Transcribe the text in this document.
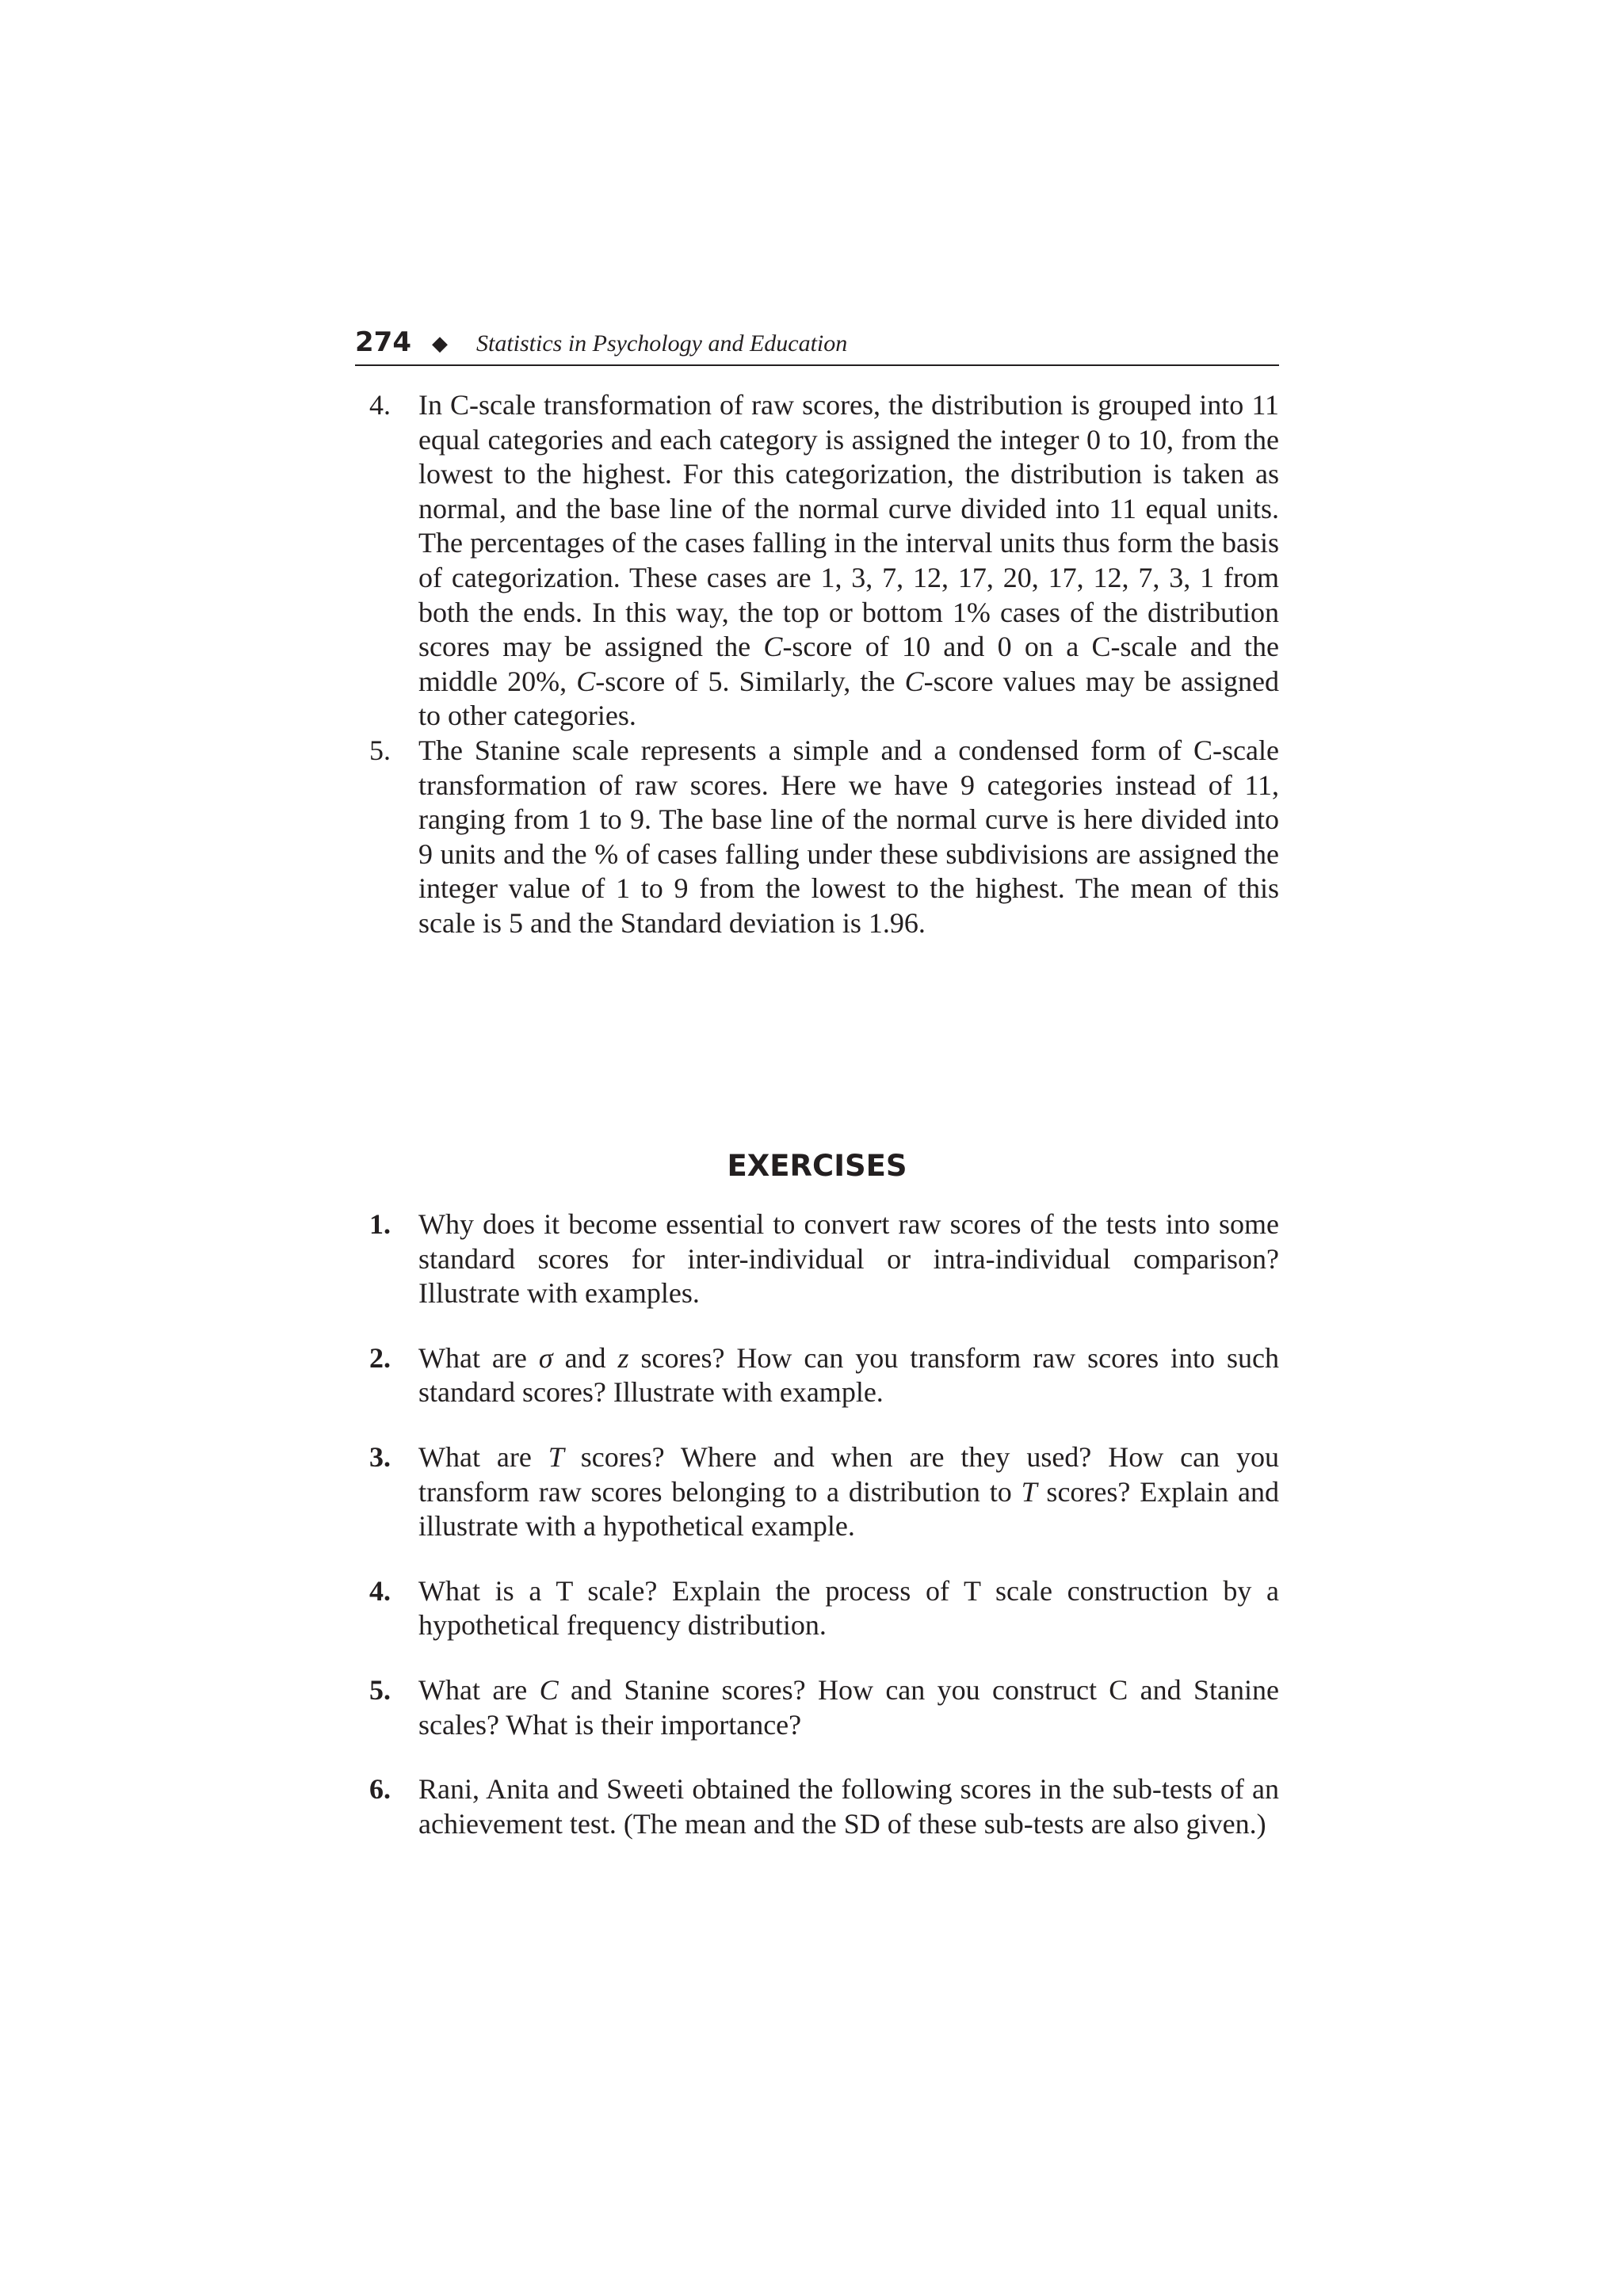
274 ◆ Statistics in Psychology and Education
4. In C-scale transformation of raw scores, the distribution is grouped into 11 equal categories and each category is assigned the integer 0 to 10, from the lowest to the highest. For this categorization, the distribution is taken as normal, and the base line of the normal curve divided into 11 equal units. The percentages of the cases falling in the interval units thus form the basis of categorization. These cases are 1, 3, 7, 12, 17, 20, 17, 12, 7, 3, 1 from both the ends. In this way, the top or bottom 1% cases of the distribution scores may be assigned the C-score of 10 and 0 on a C-scale and the middle 20%, C-score of 5. Similarly, the C-score values may be assigned to other categories.
5. The Stanine scale represents a simple and a condensed form of C-scale transformation of raw scores. Here we have 9 categories instead of 11, ranging from 1 to 9. The base line of the normal curve is here divided into 9 units and the % of cases falling under these subdivisions are assigned the integer value of 1 to 9 from the lowest to the highest. The mean of this scale is 5 and the Standard deviation is 1.96.
EXERCISES
1. Why does it become essential to convert raw scores of the tests into some standard scores for inter-individual or intra-individual comparison? Illustrate with examples.
2. What are σ and z scores? How can you transform raw scores into such standard scores? Illustrate with example.
3. What are T scores? Where and when are they used? How can you transform raw scores belonging to a distribution to T scores? Explain and illustrate with a hypothetical example.
4. What is a T scale? Explain the process of T scale construction by a hypothetical frequency distribution.
5. What are C and Stanine scores? How can you construct C and Stanine scales? What is their importance?
6. Rani, Anita and Sweeti obtained the following scores in the sub-tests of an achievement test. (The mean and the SD of these sub-tests are also given.)
